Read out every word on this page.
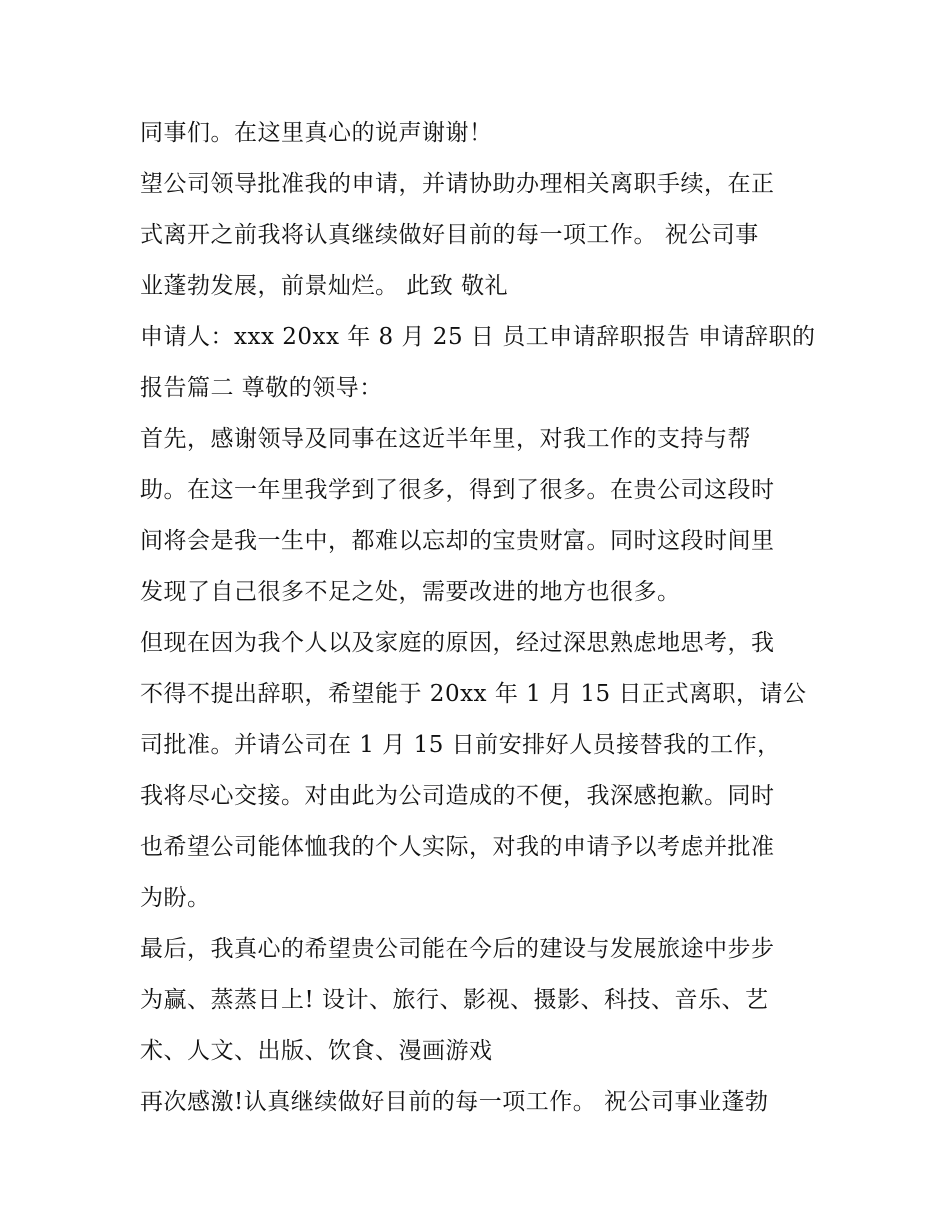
同事们。在这里真心的说声谢谢！

望公司领导批准我的申请，并请协助办理相关离职手续，在正
式离开之前我将认真继续做好目前的每一项工作。 祝公司事
业蓬勃发展，前景灿烂。 此致 敬礼

申请人：xxx 20xx 年 8 月 25 日 员工申请辞职报告 申请辞职的
报告篇二 尊敬的领导：

首先，感谢领导及同事在这近半年里，对我工作的支持与帮
助。在这一年里我学到了很多，得到了很多。在贵公司这段时
间将会是我一生中，都难以忘却的宝贵财富。同时这段时间里
发现了自己很多不足之处，需要改进的地方也很多。

但现在因为我个人以及家庭的原因，经过深思熟虑地思考，我
不得不提出辞职，希望能于 20xx 年 1 月 15 日正式离职，请公
司批准。并请公司在 1 月 15 日前安排好人员接替我的工作，
我将尽心交接。对由此为公司造成的不便，我深感抱歉。同时
也希望公司能体恤我的个人实际，对我的申请予以考虑并批准
为盼。

最后，我真心的希望贵公司能在今后的建设与发展旅途中步步
为赢、蒸蒸日上! 设计、旅行、影视、摄影、科技、音乐、艺
术、人文、出版、饮食、漫画游戏

再次感激!认真继续做好目前的每一项工作。 祝公司事业蓬勃
